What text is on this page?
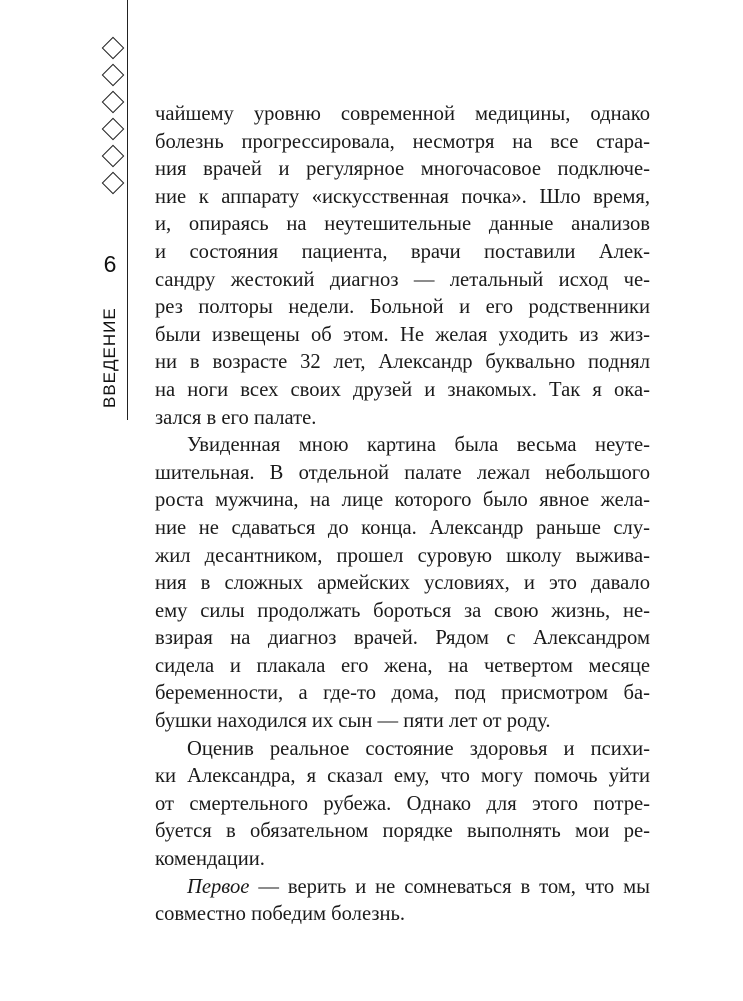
6
ВВЕДЕНИЕ
чайшему уровню современной медицины, однако
болезнь прогрессировала, несмотря на все стара-
ния врачей и регулярное многочасовое подключе-
ние к аппарату «искусственная почка». Шло время,
и, опираясь на неутешительные данные анализов
и состояния пациента, врачи поставили Алек-
сандру жестокий диагноз — летальный исход че-
рез полторы недели. Больной и его родственники
были извещены об этом. Не желая уходить из жиз-
ни в возрасте 32 лет, Александр буквально поднял
на ноги всех своих друзей и знакомых. Так я ока-
зался в его палате.
Увиденная мною картина была весьма неуте-
шительная. В отдельной палате лежал небольшого
роста мужчина, на лице которого было явное жела-
ние не сдаваться до конца. Александр раньше слу-
жил десантником, прошел суровую школу выжива-
ния в сложных армейских условиях, и это давало
ему силы продолжать бороться за свою жизнь, не-
взирая на диагноз врачей. Рядом с Александром
сидела и плакала его жена, на четвертом месяце
беременности, а где-то дома, под присмотром ба-
бушки находился их сын — пяти лет от роду.
Оценив реальное состояние здоровья и психи-
ки Александра, я сказал ему, что могу помочь уйти
от смертельного рубежа. Однако для этого потре-
буется в обязательном порядке выполнять мои ре-
комендации.
Первое — верить и не сомневаться в том, что мы
совместно победим болезнь.
